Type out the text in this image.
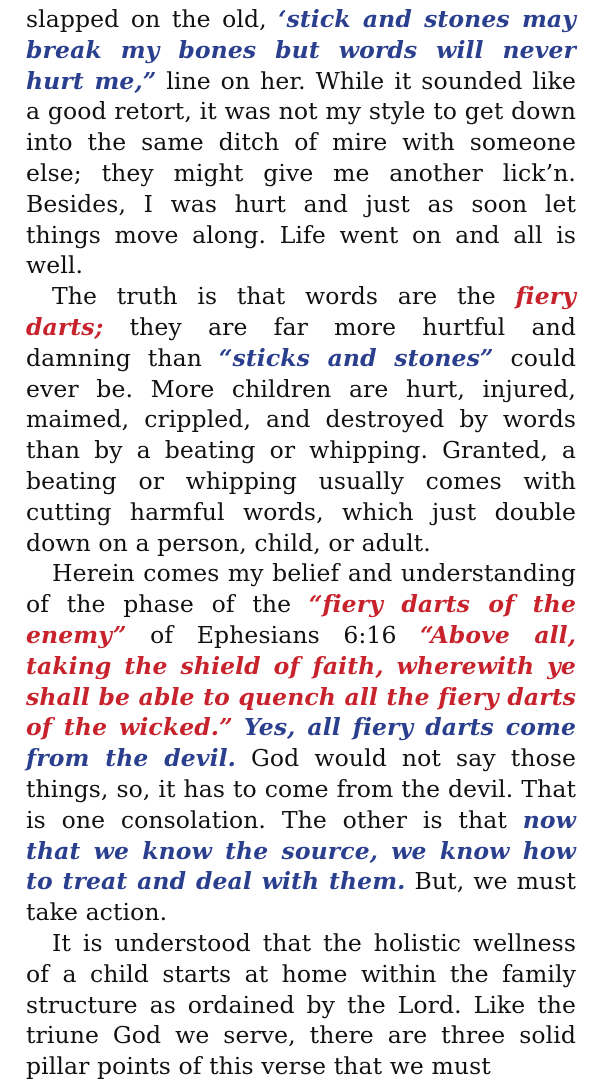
slapped on the old, ‘stick and stones may break my bones but words will never hurt me,” line on her. While it sounded like a good retort, it was not my style to get down into the same ditch of mire with someone else; they might give me another lick’n. Besides, I was hurt and just as soon let things move along. Life went on and all is well.

The truth is that words are the fiery darts; they are far more hurtful and damning than “sticks and stones” could ever be. More children are hurt, injured, maimed, crippled, and destroyed by words than by a beating or whipping. Granted, a beating or whipping usually comes with cutting harmful words, which just double down on a person, child, or adult.

Herein comes my belief and understanding of the phase of the “fiery darts of the enemy” of Ephesians 6:16 “Above all, taking the shield of faith, wherewith ye shall be able to quench all the fiery darts of the wicked.” Yes, all fiery darts come from the devil. God would not say those things, so, it has to come from the devil. That is one consolation. The other is that now that we know the source, we know how to treat and deal with them. But, we must take action.

It is understood that the holistic wellness of a child starts at home within the family structure as ordained by the Lord. Like the triune God we serve, there are three solid pillar points of this verse that we must
